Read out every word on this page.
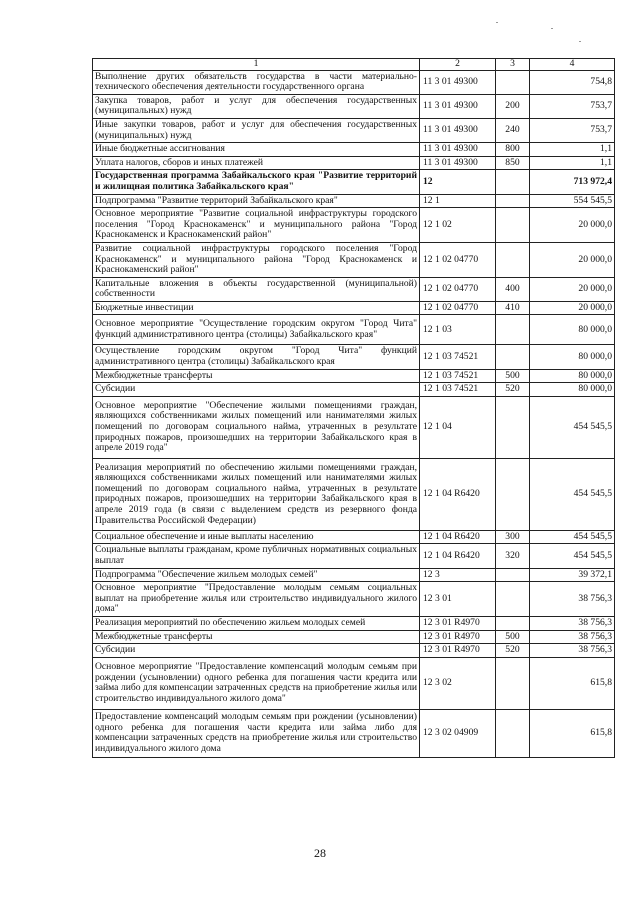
1	2	3	4
Выполнение других обязательств государства в части материально-технического обеспечения деятельности государственного органа	11 3 01 49300		754,8
Закупка товаров, работ и услуг для обеспечения государственных (муниципальных) нужд	11 3 01 49300	200	753,7
Иные закупки товаров, работ и услуг для обеспечения государственных (муниципальных) нужд	11 3 01 49300	240	753,7
Иные бюджетные ассигнования	11 3 01 49300	800	1,1
Уплата налогов, сборов и иных платежей	11 3 01 49300	850	1,1
Государственная программа Забайкальского края "Развитие территорий и жилищная политика Забайкальского края"	12		713 972,4
Подпрограмма "Развитие территорий Забайкальского края"	12 1		554 545,5
Основное мероприятие "Развитие социальной инфраструктуры городского поселения "Город Краснокаменск" и муниципального района "Город Краснокаменск и Краснокаменский район"	12 1 02		20 000,0
Развитие социальной инфраструктуры городского поселения "Город Краснокаменск" и муниципального района "Город Краснокаменск и Краснокаменский район"	12 1 02 04770		20 000,0
Капитальные вложения в объекты государственной (муниципальной) собственности	12 1 02 04770	400	20 000,0
Бюджетные инвестиции	12 1 02 04770	410	20 000,0
Основное мероприятие "Осуществление городским округом "Город Чита" функций административного центра (столицы) Забайкальского края"	12 1 03		80 000,0
Осуществление городским округом "Город Чита" функций административного центра (столицы) Забайкальского края	12 1 03 74521		80 000,0
Межбюджетные трансферты	12 1 03 74521	500	80 000,0
Субсидии	12 1 03 74521	520	80 000,0
Основное мероприятие "Обеспечение жилыми помещениями граждан, являющихся собственниками жилых помещений или нанимателями жилых помещений по договорам социального найма, утраченных в результате природных пожаров, произошедших на территории Забайкальского края в апреле 2019 года"	12 1 04		454 545,5
Реализация мероприятий по обеспечению жилыми помещениями граждан, являющихся собственниками жилых помещений или нанимателями жилых помещений по договорам социального найма, утраченных в результате природных пожаров, произошедших на территории Забайкальского края в апреле 2019 года (в связи с выделением средств из резервного фонда Правительства Российской Федерации)	12 1 04 R6420		454 545,5
Социальное обеспечение и иные выплаты населению	12 1 04 R6420	300	454 545,5
Социальные выплаты гражданам, кроме публичных нормативных социальных выплат	12 1 04 R6420	320	454 545,5
Подпрограмма "Обеспечение жильем молодых семей"	12 3		39 372,1
Основное мероприятие "Предоставление молодым семьям социальных выплат на приобретение жилья или строительство индивидуального жилого дома"	12 3 01		38 756,3
Реализация мероприятий по обеспечению жильем молодых семей	12 3 01 R4970		38 756,3
Межбюджетные трансферты	12 3 01 R4970	500	38 756,3
Субсидии	12 3 01 R4970	520	38 756,3
Основное мероприятие "Предоставление компенсаций молодым семьям при рождении (усыновлении) одного ребенка для погашения части кредита или займа либо для компенсации затраченных средств на приобретение жилья или строительство индивидуального жилого дома"	12 3 02		615,8
Предоставление компенсаций молодым семьям при рождении (усыновлении) одного ребенка для погашения части кредита или займа либо для компенсации затраченных средств на приобретение жилья или строительство индивидуального жилого дома	12 3 02 04909		615,8
28
